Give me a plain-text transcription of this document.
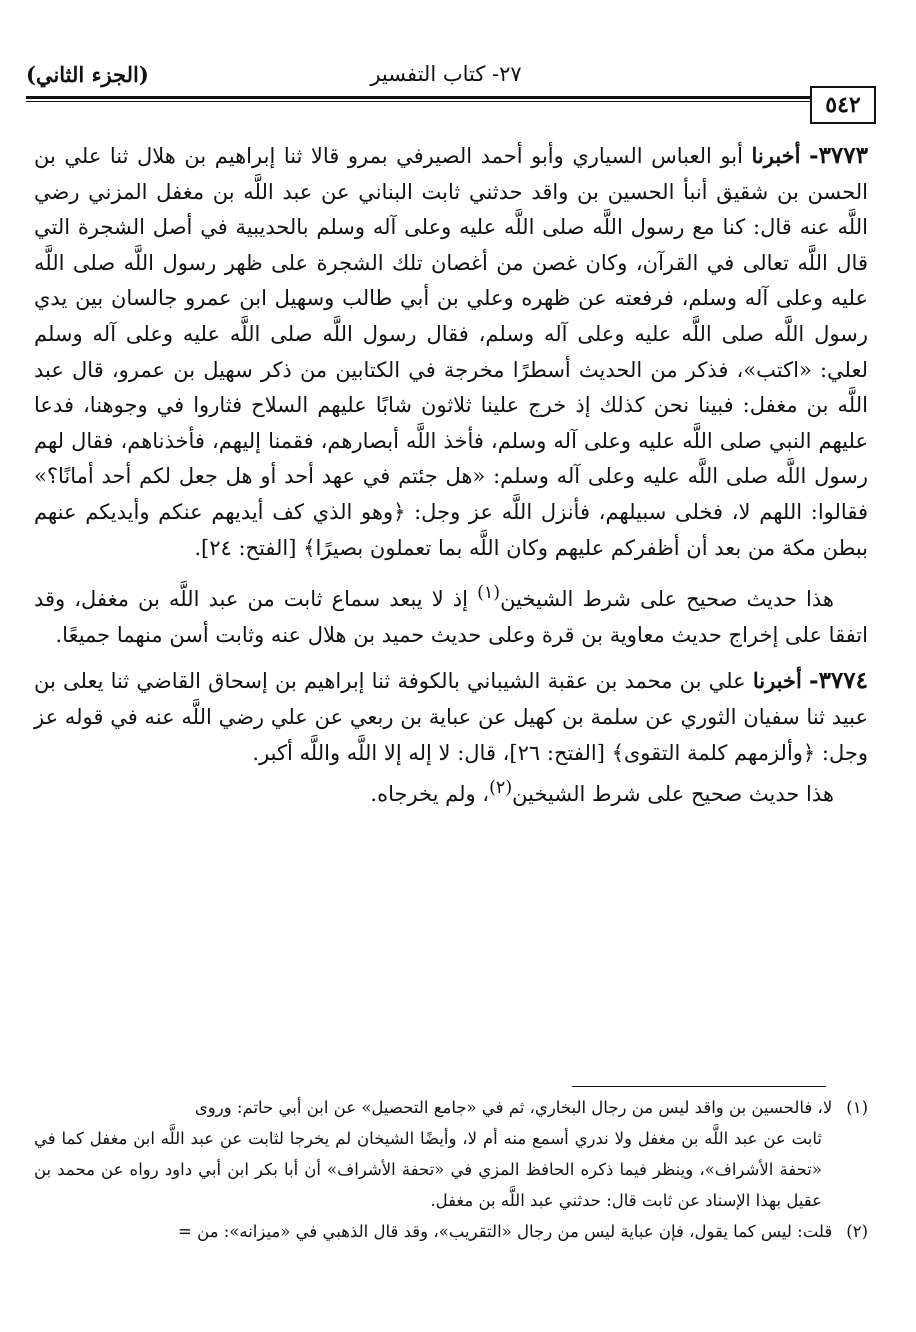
٢٧- كتاب التفسير
(الجزء الثاني)
٥٤٢

٣٧٧٣- أخبرنا أبو العباس السياري وأبو أحمد الصيرفي بمرو قالا ثنا إبراهيم بن هلال ثنا علي بن الحسن بن شقيق أنبأ الحسين بن واقد حدثني ثابت البناني عن عبد اللَّه بن مغفل المزني رضي اللَّه عنه قال: كنا مع رسول اللَّه صلى اللَّه عليه وعلى آله وسلم بالحديبية في أصل الشجرة التي قال اللَّه تعالى في القرآن، وكان غصن من أغصان تلك الشجرة على ظهر رسول اللَّه صلى اللَّه عليه وعلى آله وسلم، فرفعته عن ظهره وعلي بن أبي طالب وسهيل ابن عمرو جالسان بين يدي رسول اللَّه صلى اللَّه عليه وعلى آله وسلم، فقال رسول اللَّه صلى اللَّه عليه وعلى آله وسلم لعلي: «اكتب»، فذكر من الحديث أسطرًا مخرجة في الكتابين من ذكر سهيل بن عمرو، قال عبد اللَّه بن مغفل: فبينا نحن كذلك إذ خرج علينا ثلاثون شابًا عليهم السلاح فثاروا في وجوهنا، فدعا عليهم النبي صلى اللَّه عليه وعلى آله وسلم، فأخذ اللَّه أبصارهم، فقمنا إليهم، فأخذناهم، فقال لهم رسول اللَّه صلى اللَّه عليه وعلى آله وسلم: «هل جئتم في عهد أحد أو هل جعل لكم أحد أمانًا؟» فقالوا: اللهم لا، فخلى سبيلهم، فأنزل اللَّه عز وجل: ﴿وهو الذي كف أيديهم عنكم وأيديكم عنهم ببطن مكة من بعد أن أظفركم عليهم وكان اللَّه بما تعملون بصيرًا﴾ [الفتح: ٢٤].

هذا حديث صحيح على شرط الشيخين$^{(١)}$ إذ لا يبعد سماع ثابت من عبد اللَّه بن مغفل، وقد اتفقا على إخراج حديث معاوية بن قرة وعلى حديث حميد بن هلال عنه وثابت أسن منهما جميعًا.

٣٧٧٤- أخبرنا علي بن محمد بن عقبة الشيباني بالكوفة ثنا إبراهيم بن إسحاق القاضي ثنا يعلى بن عبيد ثنا سفيان الثوري عن سلمة بن كهيل عن عباية بن ربعي عن علي رضي اللَّه عنه في قوله عز وجل: ﴿وألزمهم كلمة التقوى﴾ [الفتح: ٢٦]، قال: لا إله إلا اللَّه واللَّه أكبر.

هذا حديث صحيح على شرط الشيخين$^{(٢)}$، ولم يخرجاه.

(١)لا، فالحسين بن واقد ليس من رجال البخاري، ثم في «جامع التحصيل» عن ابن أبي حاتم: وروى

ثابت عن عبد اللَّه بن مغفل ولا ندري أسمع منه أم لا، وأيضًا الشيخان لم يخرجا لثابت عن عبد اللَّه ابن مغفل كما في «تحفة الأشراف»، وينظر فيما ذكره الحافظ المزي في «تحفة الأشراف» أن أبا بكر ابن أبي داود رواه عن محمد بن عقيل بهذا الإسناد عن ثابت قال: حدثني عبد اللَّه بن مغفل.

(٢)قلت: ليس كما يقول، فإن عباية ليس من رجال «التقريب»، وقد قال الذهبي في «ميزانه»: من =
